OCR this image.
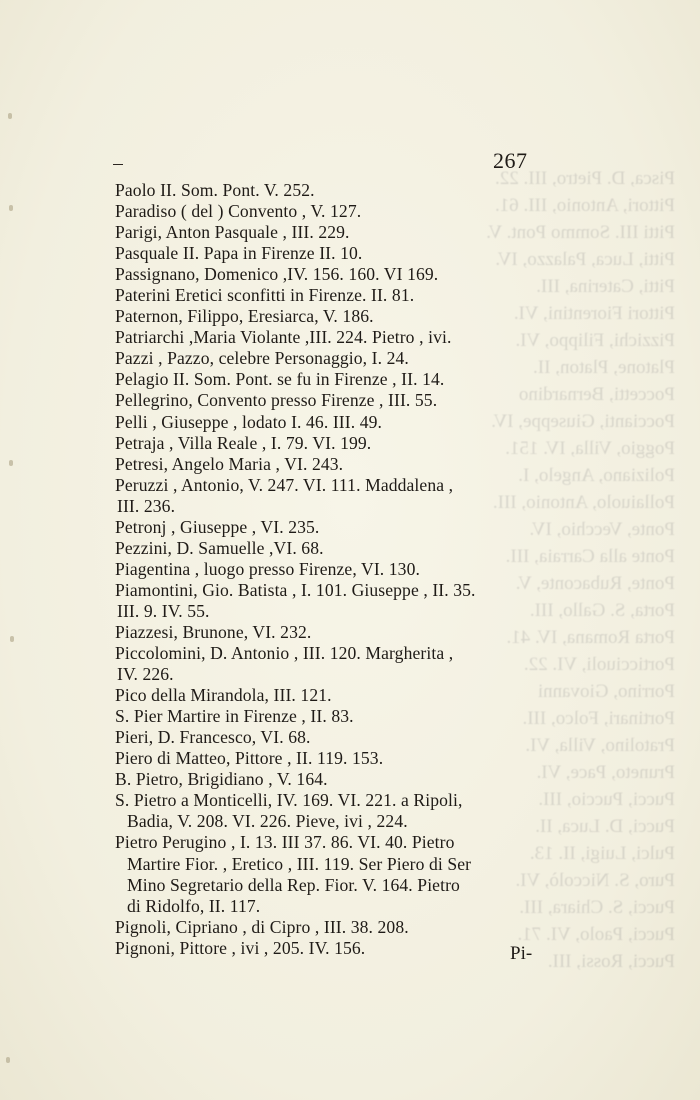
Pisca, D. Pietro, III. 22.
Pittori, Antonio, III. 61.
Pitti III. Sommo Pont. V.
Pitti, Luca, Palazzo, IV.
Pitti, Caterina, III.
Pittori Fiorentini, VI.
Pizzichi, Filippo, VI.
Platone, Platon, II.
Poccetti, Bernardino
Poccianti, Giuseppe, IV.
Poggio, Villa, IV. 151.
Poliziano, Angelo, I.
Pollaiuolo, Antonio, III.
Ponte, Vecchio, IV.
Ponte alla Carraia, III.
Ponte, Rubaconte, V.
Porta, S. Gallo, III.
Porta Romana, IV. 41.
Porticciuoli, VI. 22.
Porrino, Giovanni
Portinari, Folco, III.
Pratolino, Villa, VI.
Pruneto, Pace, VI.
Pucci, Puccio, III.
Pucci, D. Luca, II.
Pulci, Luigi, II. 13.
Puro, S. Niccolò, VI.
Pucci, S. Chiara, III.
Pucci, Paolo, VI. 71.
Pucci, Rossi, III.
267
Paolo II. Som. Pont. V. 252.
Paradiso ( del ) Convento , V. 127.
Parigi, Anton Pasquale , III. 229.
Pasquale II. Papa in Firenze II. 10.
Passignano, Domenico ,IV. 156. 160. VI 169.
Paterini Eretici sconfitti in Firenze. II. 81.
Paternon, Filippo, Eresiarca, V. 186.
Patriarchi ,Maria Violante ,III. 224. Pietro , ivi.
Pazzi , Pazzo, celebre Personaggio, I. 24.
Pelagio II. Som. Pont. se fu in Firenze , II. 14.
Pellegrino, Convento presso Firenze , III. 55.
Pelli , Giuseppe , lodato I. 46. III. 49.
Petraja , Villa Reale , I. 79. VI. 199.
Petresi, Angelo Maria , VI. 243.
Peruzzi , Antonio, V. 247. VI. 111. Maddalena ,
III. 236.
Petronj , Giuseppe , VI. 235.
Pezzini, D. Samuelle ,VI. 68.
Piagentina , luogo presso Firenze, VI. 130.
Piamontini, Gio. Batista , I. 101. Giuseppe , II. 35.
III. 9. IV. 55.
Piazzesi, Brunone, VI. 232.
Piccolomini, D. Antonio , III. 120. Margherita ,
IV. 226.
Pico della Mirandola, III. 121.
S. Pier Martire in Firenze , II. 83.
Pieri, D. Francesco, VI. 68.
Piero di Matteo, Pittore , II. 119. 153.
B. Pietro, Brigidiano , V. 164.
S. Pietro a Monticelli, IV. 169. VI. 221. a Ripoli,
Badia, V. 208. VI. 226. Pieve, ivi , 224.
Pietro Perugino , I. 13. III 37. 86. VI. 40. Pietro
Martire Fior. , Eretico , III. 119. Ser Piero di Ser
Mino Segretario della Rep. Fior. V. 164. Pietro
di Ridolfo, II. 117.
Pignoli, Cipriano , di Cipro , III. 38. 208.
Pignoni, Pittore , ivi , 205. IV. 156.	Pi-
